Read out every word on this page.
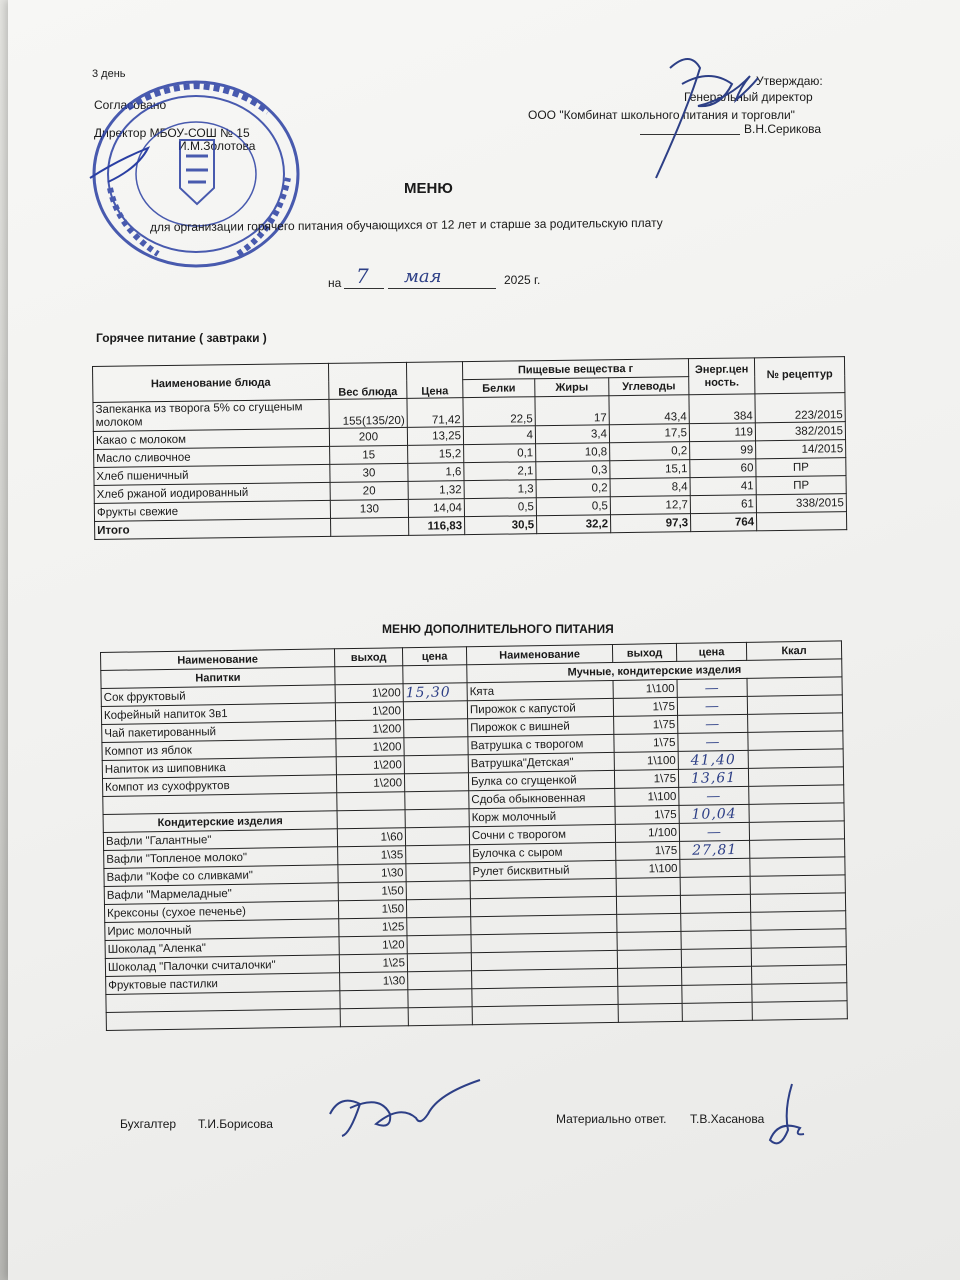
3 день
Согласовано
Директор МБОУ-СОШ № 15
И.М.Золотова
Утверждаю:
Генеральный директор
ООО "Комбинат школьного питания и торговли"
В.Н.Серикова
МЕНЮ
для организации горячего питания обучающихся от 12 лет и старше за родительскую плату
на 7 мая	2025 г.
Горячее питание ( завтраки )
Наименование блюда	Вес блюда	Цена	Пищевые вещества г			Энерг.цен ность.	№ рецептур
			Белки	Жиры	Углеводы		
Запеканка из творога 5% со сгущеным молоком	155(135/20)	71,42	22,5	17	43,4	384	223/2015
Какао с молоком	200	13,25	4	3,4	17,5	119	382/2015
Масло сливочное	15	15,2	0,1	10,8	0,2	99	14/2015
Хлеб пшеничный	30	1,6	2,1	0,3	15,1	60	ПР
Хлеб ржаной иодированный	20	1,32	1,3	0,2	8,4	41	ПР
Фрукты свежие	130	14,04	0,5	0,5	12,7	61	338/2015
Итого		116,83	30,5	32,2	97,3	764	
МЕНЮ ДОПОЛНИТЕЛЬНОГО ПИТАНИЯ
Наименование	выход	цена	Наименование	выход	цена	Ккал
Напитки			Мучные, кондитерские изделия			
Сок фруктовый	1\200	15,30	Кята	1\100	—	
Кофейный напиток 3в1	1\200		Пирожок с капустой	1\75	—	
Чай пакетированный	1\200		Пирожок с вишней	1\75	—	
Компот из яблок	1\200		Ватрушка с творогом	1\75	—	
Напиток из шиповника	1\200		Ватрушка"Детская"	1\100	41,40	
Компот из сухофруктов	1\200		Булка со сгущенкой	1\75	13,61	
			Сдоба обыкновенная	1\100	—	
Кондитерские изделия			Корж молочный	1\75	10,04	
Вафли "Галантные"	1\60		Сочни с творогом	1/100	—	
Вафли "Топленое молоко"	1\35		Булочка с сыром	1\75	27,81	
Вафли "Кофе со сливками"	1\30		Рулет бисквитный	1\100		
Вафли "Мармеладные"	1\50					
Крексоны (сухое печенье)	1\50					
Ирис молочный	1\25					
Шоколад "Аленка"	1\20					
Шоколад "Палочки считалочки"	1\25					
Фруктовые пастилки	1\30					

Бухгалтер Т.И.Борисова	Материально ответ. Т.В.Хасанова
